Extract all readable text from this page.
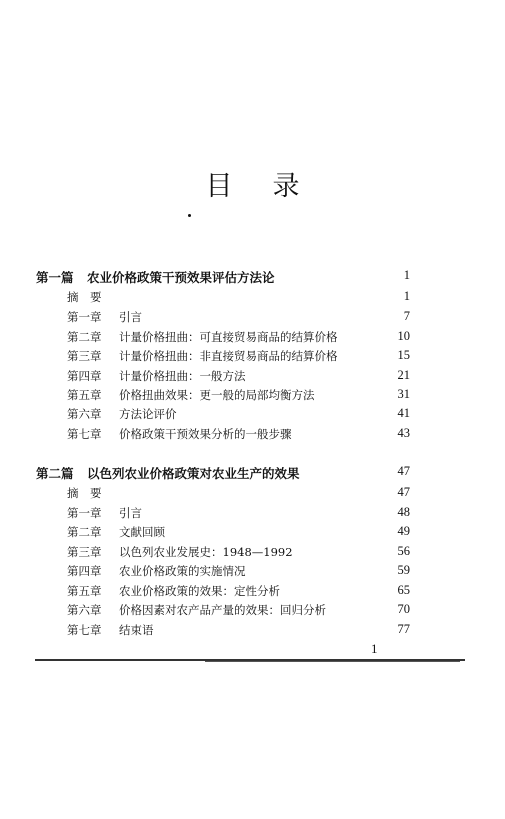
目录
第一篇 农业价格政策干预效果评估方法论	1
摘　要	1
第一章 引言	7
第二章 计量价格扭曲：可直接贸易商品的结算价格	10
第三章 计量价格扭曲：非直接贸易商品的结算价格	15
第四章 计量价格扭曲：一般方法	21
第五章 价格扭曲效果：更一般的局部均衡方法	31
第六章 方法论评价	41
第七章 价格政策干预效果分析的一般步骤	43
第二篇 以色列农业价格政策对农业生产的效果	47
摘　要	47
第一章 引言	48
第二章 文献回顾	49
第三章 以色列农业发展史：1948—1992	56
第四章 农业价格政策的实施情况	59
第五章 农业价格政策的效果：定性分析	65
第六章 价格因素对农产品产量的效果：回归分析	70
第七章 结束语	77
1
